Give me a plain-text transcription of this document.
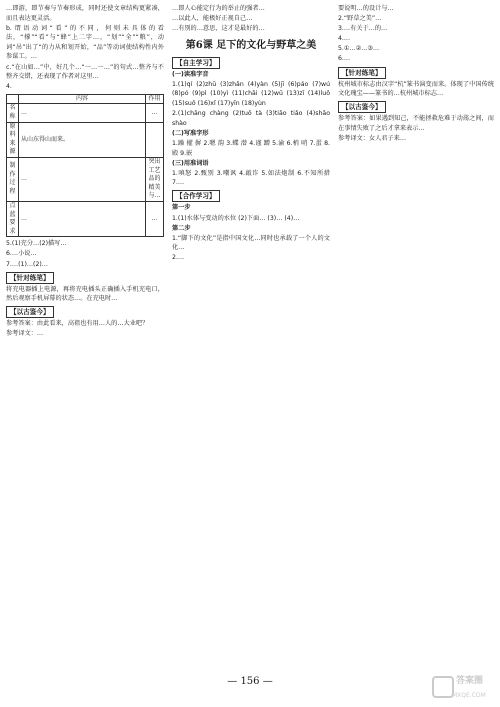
…即游，即节奏与节奏形成，同时还使文章结构更紧凑，而且表达更灵活。
b.谓语动词“看”的不同，何则未具体的看法，“撑”“看”与“蜂”上二字…，“划”“全”“粮”，动词“吊”出了“的力从和划开始，“品”等动词使结构性内外参谋工。…
c.“在山如…”中，好几个…“一…一…”的句式…整齐与不整齐交错，还表现了作者对这里…
4.
	内容	作用
名称	…	…
原料来源	从山东得山而来。	
制作过程	…	突出工艺品的精美与…
点蓝要求	…	…
5.(1)充分…(2)描写…
6.…小说…
7.…(1)…(2)…
【针对练笔】
将充电器插上电源，再将充电插头正确插入手机充电口，然后观察手机屏幕的状态…。在充电时…
【以古鉴今】
参考答案：由此看来，高祖也有用…人的…大业吧？
参考译文：…
…即人心能定行为的举止的强者…
…以此人，能极好正视自己…
…有别的…意思，这才是最好的…
第6课 足下的文化与野草之美
【自主学习】
(一)读准字音
1.(1)qí (2)zhū (3)zhǎn (4)yàn (5)jī (6)páo (7)wú (8)pó (9)pì (10)yì (11)chāi (12)wū (13)zī (14)luǒ (15)suǒ (16)xǐ (17)yīn (18)yùn
2.(1)chāng chàng (2)tuǒ tà (3)tiāo tiǎo (4)shāo shào
(二)写准字形
1.躁 擢 摒 2.嗯 韵 3.蝶 潜 4.谨 蹭 5.渝 6.梢 哨 7.蛋 8.殿 9.嵌
(三)用准词语
1.嗔怒 2.甄别 3.嘲讽 4.敲诈 5.如法炮制 6.不知所措 7.…
【合作学习】
第一步
1.(1)水体与变动的水位 (2)下面… (3)… (4)…
第二步
1.“脚下的文化”是指中国文化…同时也承载了一个人的文化…
2.…
要说明…的设计与…
2.“野草之美”…
3.…有关于…的…
4.…
5.①…②…③…
6.…
【针对练笔】
杭州城市标志由汉字“杭”篆书演变而来。体现了中国传统文化瑰宝——篆书的…杭州城市标志…
【以古鉴今】
参考答案：如果遇到知己，不能拯救危难于动荡之间，而在事情失败了之后才拿来表示…
参考译文：女人君子来…
— 156 —	答案圈
MXQE.COM
